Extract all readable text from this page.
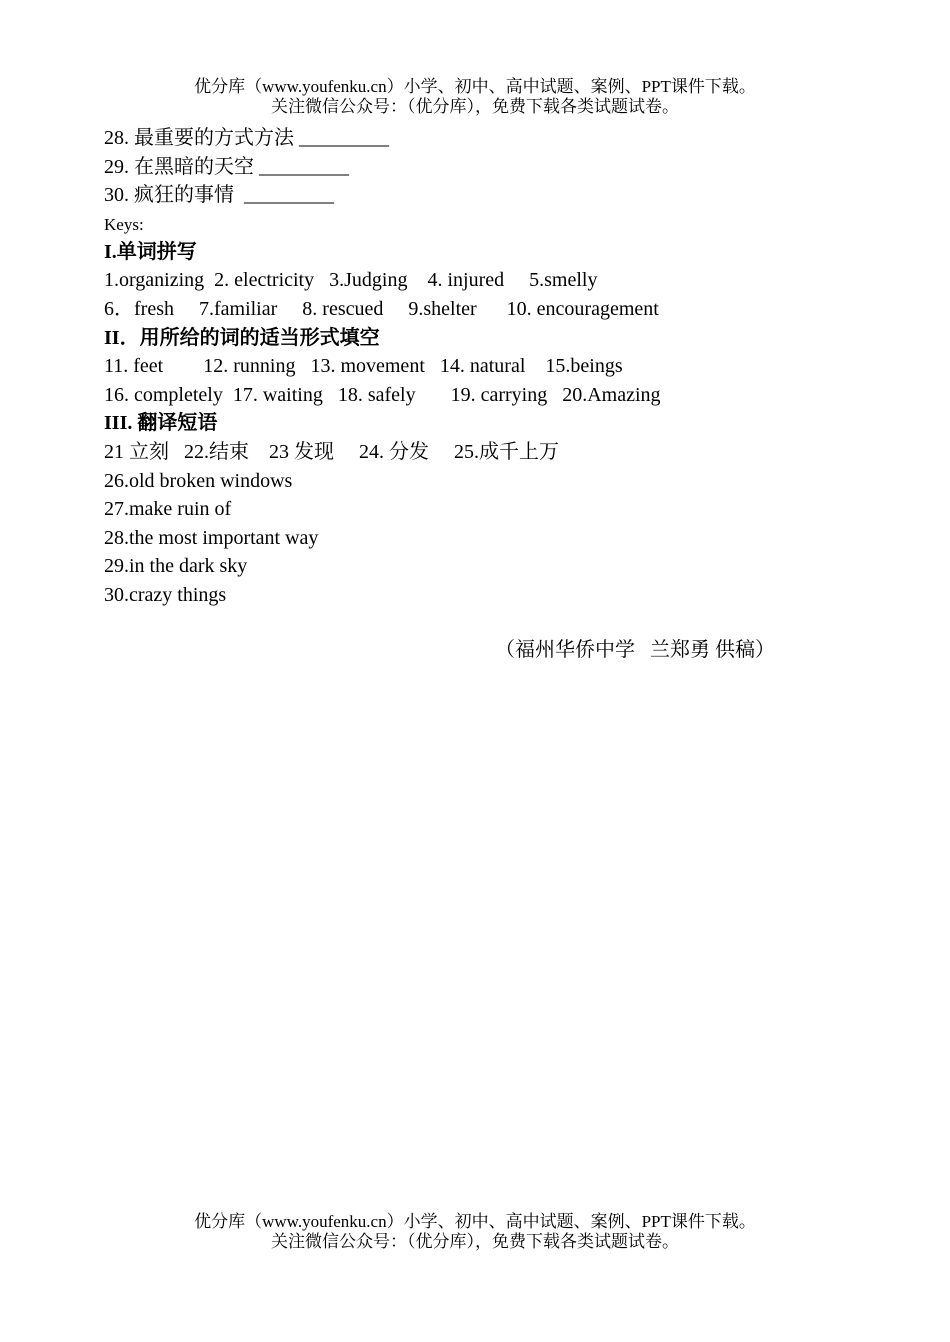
优分库（www.youfenku.cn）小学、初中、高中试题、案例、PPT课件下载。
关注微信公众号：（优分库），免费下载各类试题试卷。
28. 最重要的方式方法 _________
29. 在黑暗的天空 _________
30. 疯狂的事情  _________
Keys:
I.单词拼写
1.organizing  2. electricity   3.Judging    4. injured     5.smelly
6．fresh     7.familiar     8. rescued     9.shelter      10. encouragement
II．用所给的词的适当形式填空
11. feet        12. running   13. movement   14. natural    15.beings
16. completely  17. waiting   18. safely       19. carrying   20.Amazing
III. 翻译短语
21 立刻   22.结束    23 发现     24. 分发     25.成千上万
26.old broken windows
27.make ruin of
28.the most important way
29.in the dark sky
30.crazy things
（福州华侨中学   兰郑勇 供稿）
优分库（www.youfenku.cn）小学、初中、高中试题、案例、PPT课件下载。
关注微信公众号：（优分库），免费下载各类试题试卷。
